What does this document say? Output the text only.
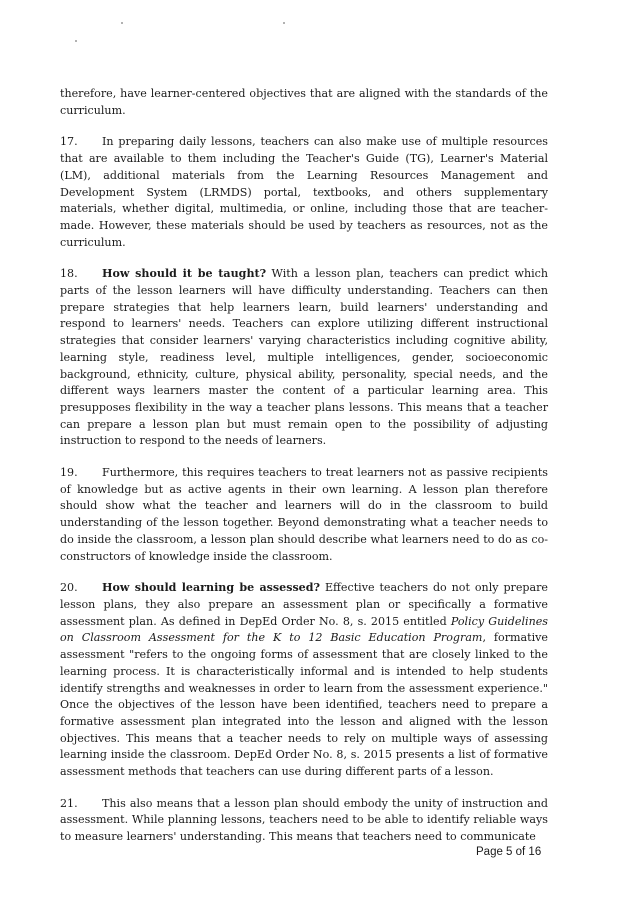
therefore, have learner-centered objectives that are aligned with the standards of the curriculum.

17. In preparing daily lessons, teachers can also make use of multiple resources that are available to them including the Teacher's Guide (TG), Learner's Material (LM), additional materials from the Learning Resources Management and Development System (LRMDS) portal, textbooks, and others supplementary materials, whether digital, multimedia, or online, including those that are teacher-made. However, these materials should be used by teachers as resources, not as the curriculum.

18. How should it be taught? With a lesson plan, teachers can predict which parts of the lesson learners will have difficulty understanding. Teachers can then prepare strategies that help learners learn, build learners' understanding and respond to learners' needs. Teachers can explore utilizing different instructional strategies that consider learners' varying characteristics including cognitive ability, learning style, readiness level, multiple intelligences, gender, socioeconomic background, ethnicity, culture, physical ability, personality, special needs, and the different ways learners master the content of a particular learning area. This presupposes flexibility in the way a teacher plans lessons. This means that a teacher can prepare a lesson plan but must remain open to the possibility of adjusting instruction to respond to the needs of learners.

19. Furthermore, this requires teachers to treat learners not as passive recipients of knowledge but as active agents in their own learning. A lesson plan therefore should show what the teacher and learners will do in the classroom to build understanding of the lesson together. Beyond demonstrating what a teacher needs to do inside the classroom, a lesson plan should describe what learners need to do as co-constructors of knowledge inside the classroom.

20. How should learning be assessed? Effective teachers do not only prepare lesson plans, they also prepare an assessment plan or specifically a formative assessment plan. As defined in DepEd Order No. 8, s. 2015 entitled Policy Guidelines on Classroom Assessment for the K to 12 Basic Education Program, formative assessment "refers to the ongoing forms of assessment that are closely linked to the learning process. It is characteristically informal and is intended to help students identify strengths and weaknesses in order to learn from the assessment experience." Once the objectives of the lesson have been identified, teachers need to prepare a formative assessment plan integrated into the lesson and aligned with the lesson objectives. This means that a teacher needs to rely on multiple ways of assessing learning inside the classroom. DepEd Order No. 8, s. 2015 presents a list of formative assessment methods that teachers can use during different parts of a lesson.

21. This also means that a lesson plan should embody the unity of instruction and assessment. While planning lessons, teachers need to be able to identify reliable ways to measure learners' understanding. This means that teachers need to communicate

Page 5 of 16
